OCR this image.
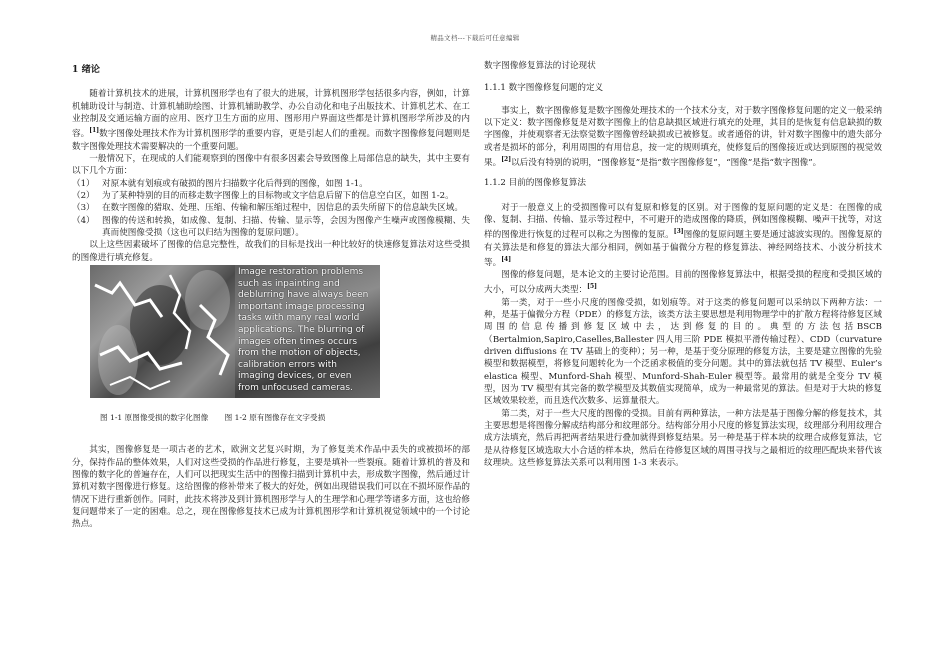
精品文档---下载后可任意编辑
1 绪论

随着计算机技术的进展，计算机图形学也有了很大的进展，计算机图形学包括很多内容，例如，计算机辅助设计与制造、计算机辅助绘图、计算机辅助教学、办公自动化和电子出版技术、计算机艺术、在工业控制及交通运输方面的应用、医疗卫生方面的应用、图形用户界面这些都是计算机图形学所涉及的内容。[1]数字图像处理技术作为计算机图形学的重要内容，更是引起人们的重视。而数字图像修复问题则是数字图像处理技术需要解决的一个重要问题。

一般情况下，在现成的人们能观察到的图像中有很多因素会导致图像上局部信息的缺失，其中主要有以下几个方面：

（1） 对原本就有划痕或有破损的图片扫描数字化后得到的图像，如图 1-1。
（2） 为了某种特别的目的而移走数字图像上的目标物或文字信息后留下的信息空白区，如图 1-2。
（3） 在数字图像的猎取、处理、压缩、传输和解压缩过程中，因信息的丢失所留下的信息缺失区域。
（4） 图像的传送和转换，如成像、复制、扫描、传输、显示等，会因为图像产生噪声或图像模糊、失真而使图像受损（这也可以归结为图像的复原问题）。

以上这些因素破坏了图像的信息完整性，故我们的目标是找出一种比较好的快速修复算法对这些受损的图像进行填充修复。

Image restoration problems
such as inpainting and
deblurring have always been
important image processing
tasks with many real world
applications. The blurring of
images often times occurs
from the motion of objects,
calibration errors with
imaging devices, or even
from unfocused cameras.
图 1-1 原图像受损的数字化图像 图 1-2 原有图像存在文字受损

其实，图像修复是一项古老的艺术，欧洲文艺复兴时期，为了修复美术作品中丢失的或被损坏的部分，保持作品的整体效果，人们对这些受损的作品进行修复，主要是填补一些裂痕。随着计算机的普及和图像的数字化的普遍存在，人们可以把现实生活中的图像扫描到计算机中去，形成数字图像，然后通过计算机对数字图像进行修复。这给图像的修补带来了极大的好处，例如出现错误我们可以在不损坏原作品的情况下进行重新创作。同时，此技术将涉及到计算机图形学与人的生理学和心理学等诸多方面，这也给修复问题带来了一定的困难。总之，现在图像修复技术已成为计算机图形学和计算机视觉领域中的一个讨论热点。

数字图像修复算法的讨论现状
1.1.1 数字图像修复问题的定义

事实上，数字图像修复是数字图像处理技术的一个技术分支，对于数字图像修复问题的定义一般采纳以下定义：数字图像修复是对数字图像上的信息缺损区域进行填充的处理，其目的是恢复有信息缺损的数字图像，并使观察者无法察觉数字图像曾经缺损或已被修复。或者通俗的讲，针对数字图像中的遗失部分或者是损坏的部分，利用周围的有用信息，按一定的规则填充，使修复后的图像接近或达到原图的视觉效果。[2]以后没有特别的说明，“图像修复”是指“数字图像修复”，“图像”是指“数字图像”。

1.1.2 目前的图像修复算法

对于一般意义上的受损图像可以有复原和修复的区别。对于图像的复原问题的定义是：在图像的成像、复制、扫描、传输、显示等过程中，不可避开的造成图像的降质，例如图像模糊、噪声干扰等，对这样的图像进行恢复的过程可以称之为图像的复原。[3]图像的复原问题主要是通过滤波实现的。图像复原的有关算法是和修复的算法大部分相同，例如基于偏微分方程的修复算法、神经网络技术、小波分析技术等。[4]

图像的修复问题，是本论文的主要讨论范围。目前的图像修复算法中，根据受损的程度和受损区域的大小，可以分成两大类型：[5]

第一类，对于一些小尺度的图像受损，如划痕等。对于这类的修复问题可以采纳以下两种方法：一种，是基于偏微分方程（PDE）的修复方法，该类方法主要思想是利用物理学中的扩散方程将待修复区域周围的信息传播到修复区域中去，达到修复的目的。典型的方法包括BSCB（Bertalmion,Sapiro,Caselles,Ballester 四人用三阶 PDE 模拟平滑传输过程）、CDD（curvature driven diffusions 在 TV 基础上的变种）；另一种，是基于变分原理的修复方法，主要是建立图像的先验模型和数据模型，将修复问题转化为一个泛函求极值的变分问题。其中的算法就包括 TV 模型、Euler’s elastica 模型、Munford-Shah 模型、Munford-Shah-Euler 模型等。最常用的就是全变分 TV 模型，因为 TV 模型有其完备的数学模型及其数值实现简单，成为一种最常见的算法。但是对于大块的修复区域效果较差，而且迭代次数多、运算量很大。

第二类，对于一些大尺度的图像的受损。目前有两种算法，一种方法是基于图像分解的修复技术，其主要思想是将图像分解成结构部分和纹理部分。结构部分用小尺度的修复算法实现，纹理部分利用纹理合成方法填充，然后再把两者结果进行叠加就得到修复结果。另一种是基于样本块的纹理合成修复算法，它是从待修复区域选取大小合适的样本块，然后在待修复区域的周围寻找与之最相近的纹理匹配块来替代该纹理块。这些修复算法关系可以利用图 1-3 来表示。
